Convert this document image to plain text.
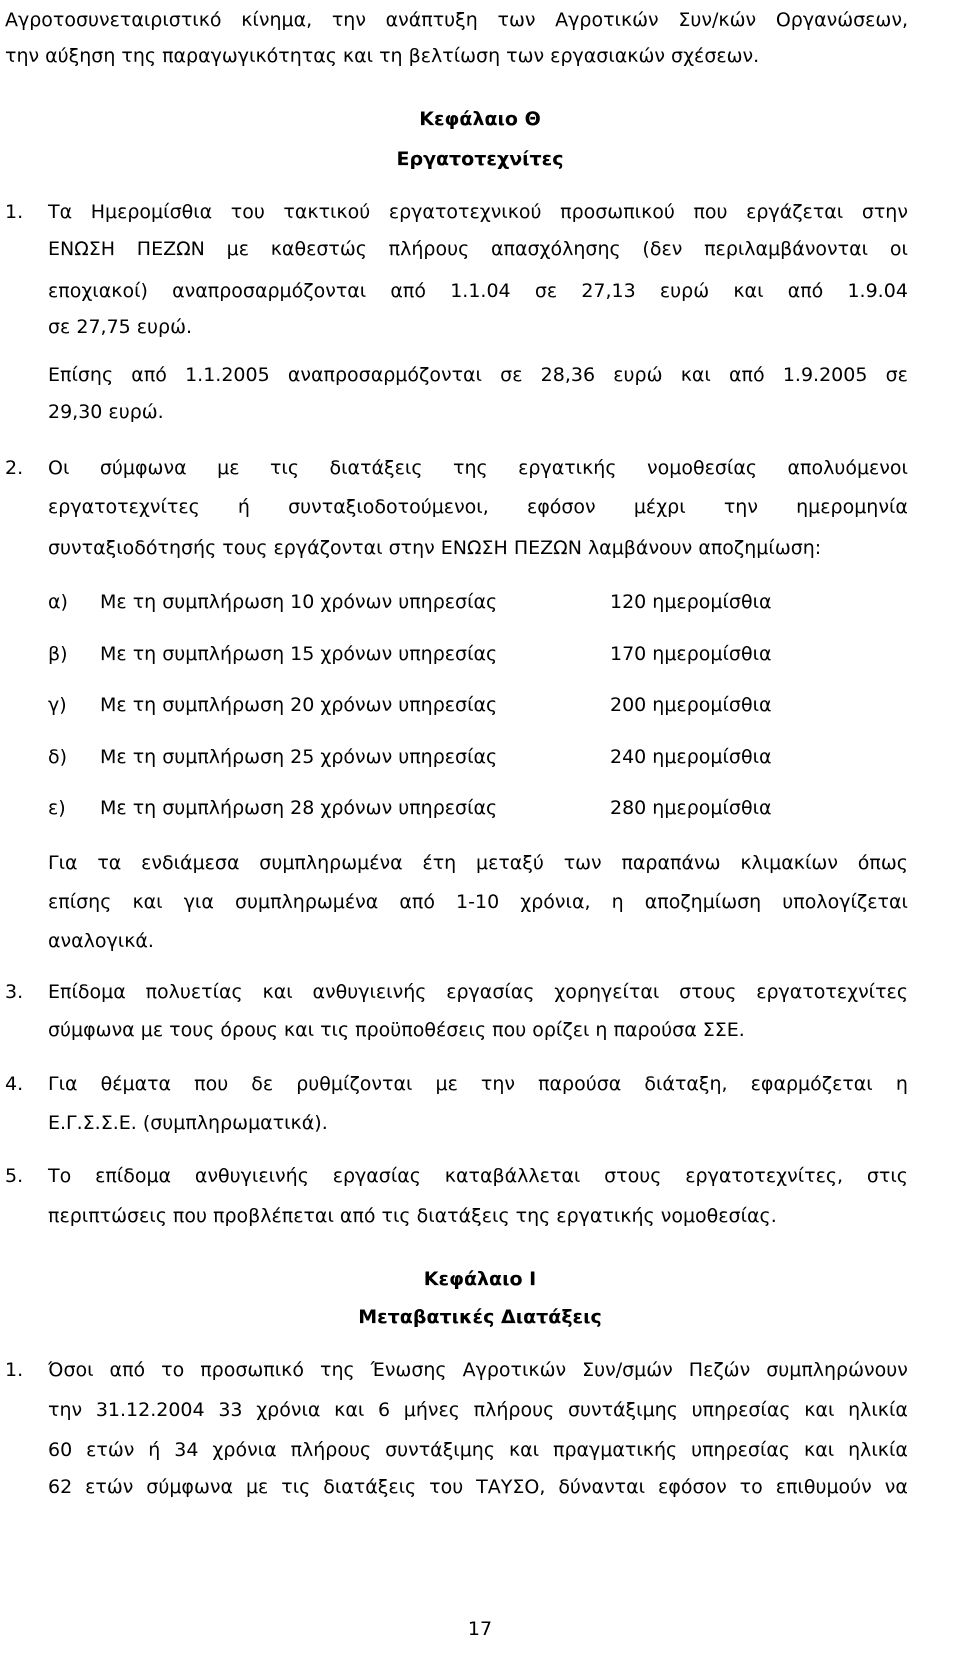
Αγροτοσυνεταιριστικό κίνημα, την ανάπτυξη των Αγροτικών Συν/κών Οργανώσεων,
την αύξηση της παραγωγικότητας και τη βελτίωση των εργασιακών σχέσεων.
Κεφάλαιο Θ
Εργατοτεχνίτες
1. Τα Ημερομίσθια του τακτικού εργατοτεχνικού προσωπικού που εργάζεται στην
ΕΝΩΣΗ ΠΕΖΩΝ με καθεστώς πλήρους απασχόλησης (δεν περιλαμβάνονται οι
εποχιακοί) αναπροσαρμόζονται από 1.1.04 σε 27,13 ευρώ και από 1.9.04
σε 27,75 ευρώ.
Επίσης από 1.1.2005 αναπροσαρμόζονται σε 28,36 ευρώ και από 1.9.2005 σε
29,30 ευρώ.
2. Οι σύμφωνα με τις διατάξεις της εργατικής νομοθεσίας απολυόμενοι
εργατοτεχνίτες ή συνταξιοδοτούμενοι, εφόσον μέχρι την ημερομηνία
συνταξιοδότησής τους εργάζονται στην ΕΝΩΣΗ ΠΕΖΩΝ λαμβάνουν αποζημίωση:
α) Με τη συμπλήρωση 10 χρόνων υπηρεσίας	120 ημερομίσθια
β) Με τη συμπλήρωση 15 χρόνων υπηρεσίας	170 ημερομίσθια
γ) Με τη συμπλήρωση 20 χρόνων υπηρεσίας	200 ημερομίσθια
δ) Με τη συμπλήρωση 25 χρόνων υπηρεσίας	240 ημερομίσθια
ε) Με τη συμπλήρωση 28 χρόνων υπηρεσίας	280 ημερομίσθια
Για τα ενδιάμεσα συμπληρωμένα έτη μεταξύ των παραπάνω κλιμακίων όπως
επίσης και για συμπληρωμένα από 1-10 χρόνια, η αποζημίωση υπολογίζεται
αναλογικά.
3. Επίδομα πολυετίας και ανθυγιεινής εργασίας χορηγείται στους εργατοτεχνίτες
σύμφωνα με τους όρους και τις προϋποθέσεις που ορίζει η παρούσα ΣΣΕ.
4. Για θέματα που δε ρυθμίζονται με την παρούσα διάταξη, εφαρμόζεται η
Ε.Γ.Σ.Σ.Ε. (συμπληρωματικά).
5. Το επίδομα ανθυγιεινής εργασίας καταβάλλεται στους εργατοτεχνίτες, στις
περιπτώσεις που προβλέπεται από τις διατάξεις της εργατικής νομοθεσίας.
Κεφάλαιο Ι
Μεταβατικές Διατάξεις
1. Όσοι από το προσωπικό της Ένωσης Αγροτικών Συν/σμών Πεζών συμπληρώνουν
την 31.12.2004 33 χρόνια και 6 μήνες πλήρους συντάξιμης υπηρεσίας και ηλικία
60 ετών ή 34 χρόνια πλήρους συντάξιμης και πραγματικής υπηρεσίας και ηλικία
62 ετών σύμφωνα με τις διατάξεις του ΤΑΥΣΟ, δύνανται εφόσον το επιθυμούν να
17
